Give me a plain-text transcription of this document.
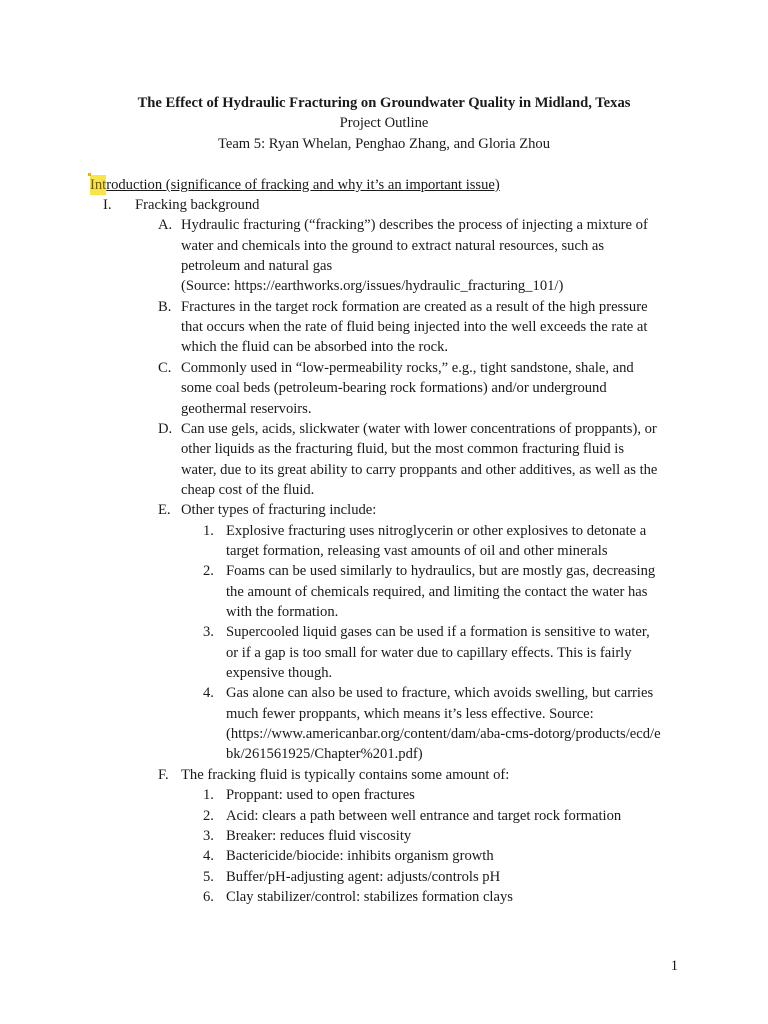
The Effect of Hydraulic Fracturing on Groundwater Quality in Midland, Texas
Project Outline
Team 5: Ryan Whelan, Penghao Zhang, and Gloria Zhou
Introduction (significance of fracking and why it’s an important issue)
I. Fracking background
A. Hydraulic fracturing (“fracking”) describes the process of injecting a mixture of
water and chemicals into the ground to extract natural resources, such as
petroleum and natural gas
(Source: https://earthworks.org/issues/hydraulic_fracturing_101/)
B. Fractures in the target rock formation are created as a result of the high pressure
that occurs when the rate of fluid being injected into the well exceeds the rate at
which the fluid can be absorbed into the rock.
C. Commonly used in “low-permeability rocks,” e.g., tight sandstone, shale, and
some coal beds (petroleum-bearing rock formations) and/or underground
geothermal reservoirs.
D. Can use gels, acids, slickwater (water with lower concentrations of proppants), or
other liquids as the fracturing fluid, but the most common fracturing fluid is
water, due to its great ability to carry proppants and other additives, as well as the
cheap cost of the fluid.
E. Other types of fracturing include:
1. Explosive fracturing uses nitroglycerin or other explosives to detonate a
target formation, releasing vast amounts of oil and other minerals
2. Foams can be used similarly to hydraulics, but are mostly gas, decreasing
the amount of chemicals required, and limiting the contact the water has
with the formation.
3. Supercooled liquid gases can be used if a formation is sensitive to water,
or if a gap is too small for water due to capillary effects. This is fairly
expensive though.
4. Gas alone can also be used to fracture, which avoids swelling, but carries
much fewer proppants, which means it’s less effective. Source:
(https://www.americanbar.org/content/dam/aba-cms-dotorg/products/ecd/e
bk/261561925/Chapter%201.pdf)
F. The fracking fluid is typically contains some amount of:
1. Proppant: used to open fractures
2. Acid: clears a path between well entrance and target rock formation
3. Breaker: reduces fluid viscosity
4. Bactericide/biocide: inhibits organism growth
5. Buffer/pH-adjusting agent: adjusts/controls pH
6. Clay stabilizer/control: stabilizes formation clays
1
